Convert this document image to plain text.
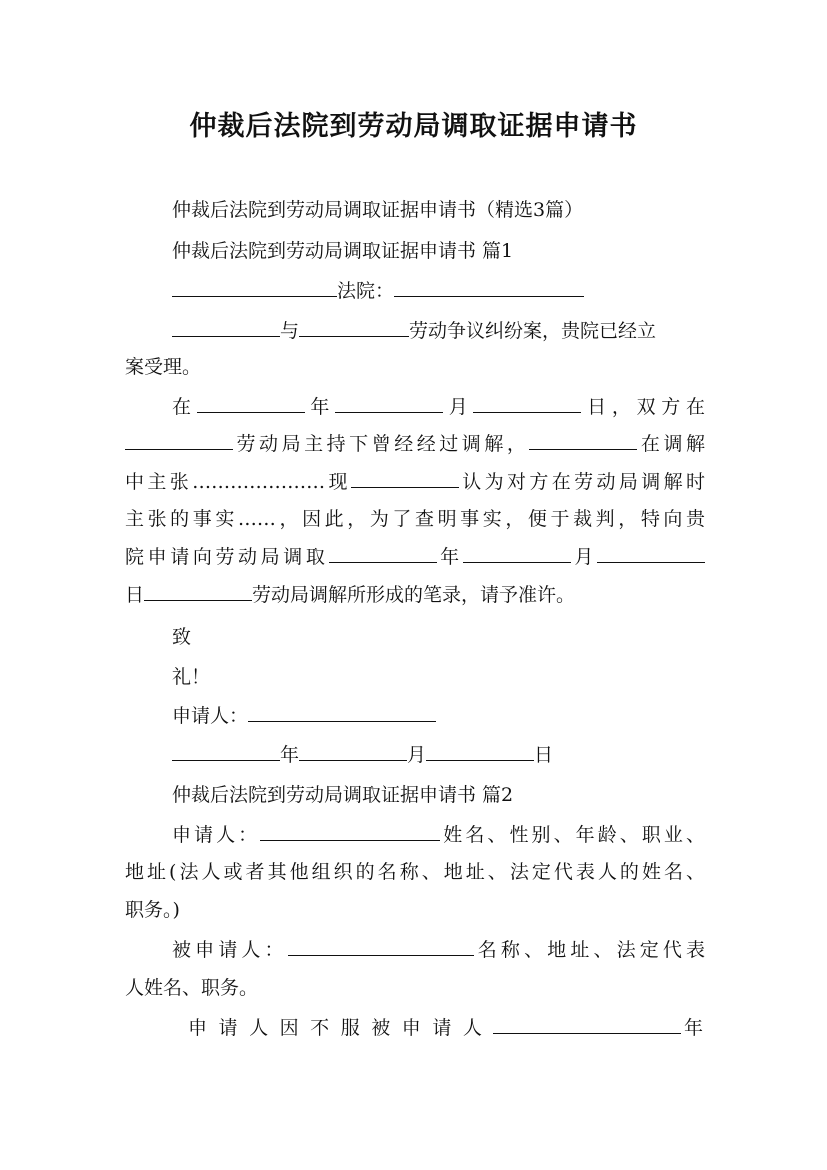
仲裁后法院到劳动局调取证据申请书
仲裁后法院到劳动局调取证据申请书（精选3篇）
仲裁后法院到劳动局调取证据申请书 篇1
法院：
与	劳动争议纠纷案，贵院已经立
案受理。
在	年	月	日，双方在
劳动局主持下曾经经过调解，	在调解
中主张…………………现	认为对方在劳动局调解时
主张的事实……，因此，为了查明事实，便于裁判，特向贵
院申请向劳动局调取	年	月
日	劳动局调解所形成的笔录，请予准许。
致
礼！
申请人：
年	月	日
仲裁后法院到劳动局调取证据申请书 篇2
申请人：	姓名、性别、年龄、职业、
地址(法人或者其他组织的名称、地址、法定代表人的姓名、
职务。)
被申请人：	名称、地址、法定代表
人姓名、职务。
申请人因不服被申请人	年
